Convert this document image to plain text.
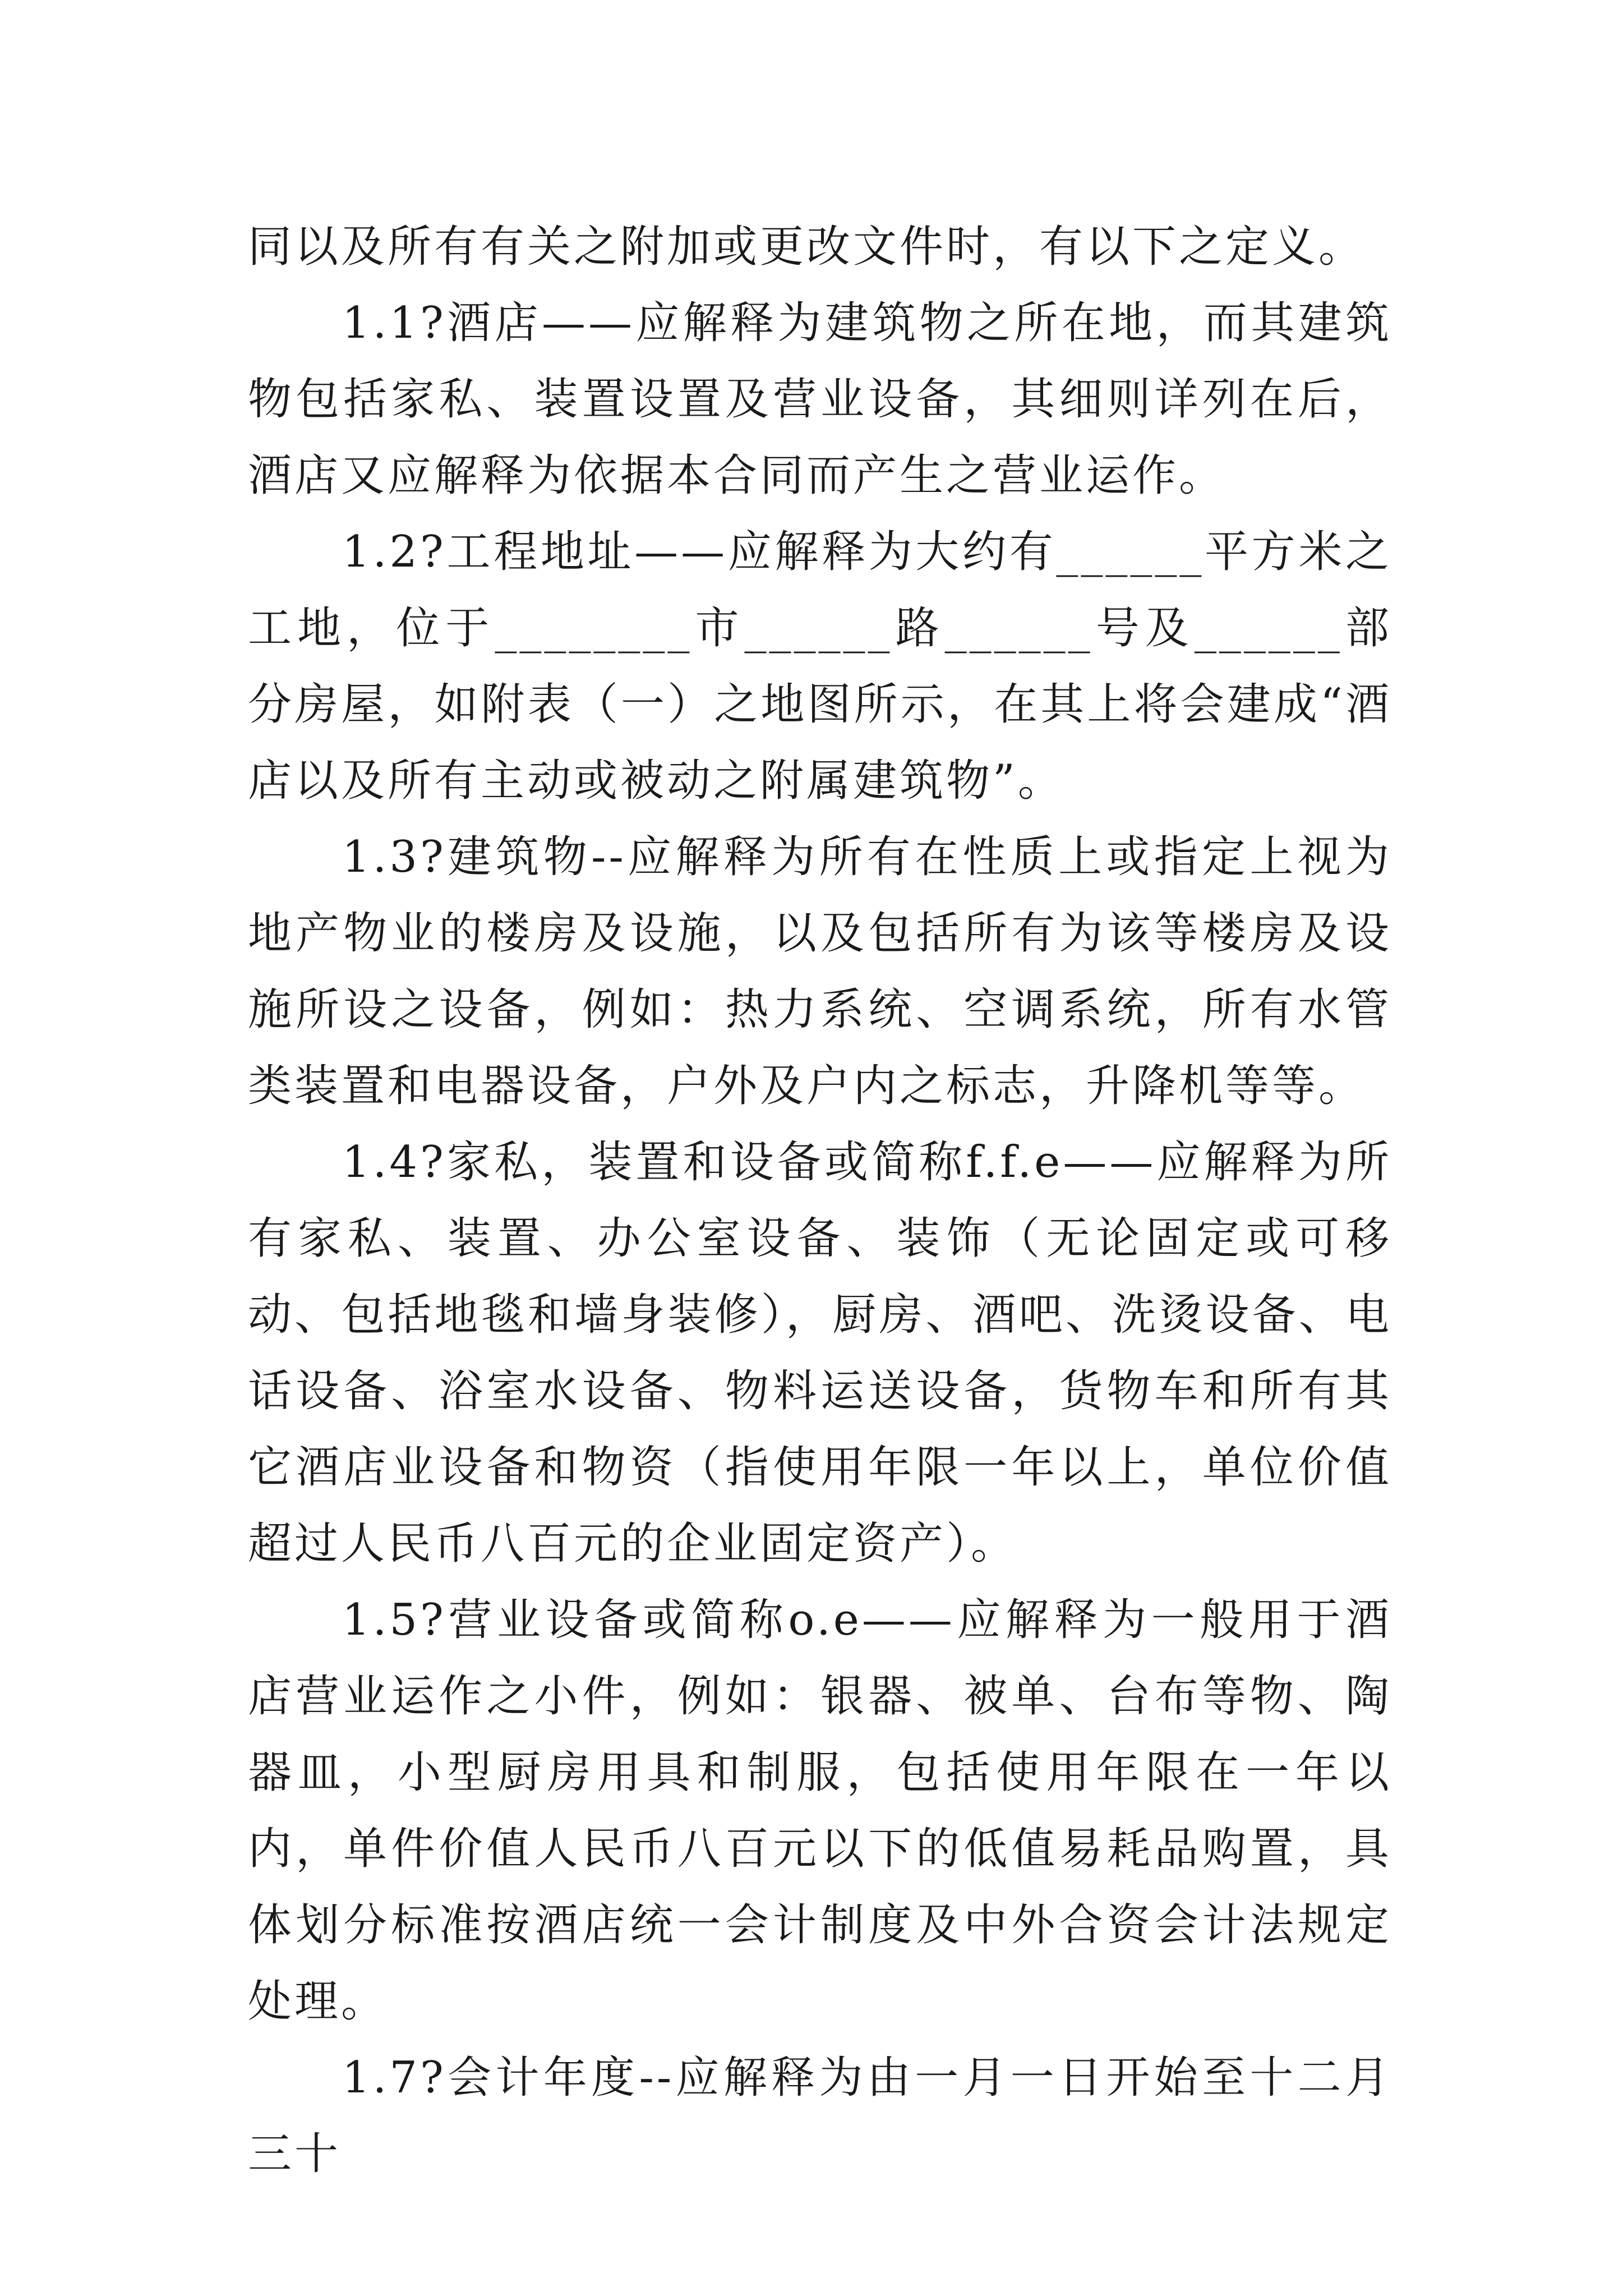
同以及所有有关之附加或更改文件时，有以下之定义。

1.1?酒店——应解释为建筑物之所在地，而其建筑物包括家私、装置设置及营业设备，其细则详列在后，酒店又应解释为依据本合同而产生之营业运作。

1.2?工程地址——应解释为大约有______平方米之工地，位于________市______路______号及______部分房屋，如附表（一）之地图所示，在其上将会建成“酒店以及所有主动或被动之附属建筑物”。

1.3?建筑物--应解释为所有在性质上或指定上视为地产物业的楼房及设施，以及包括所有为该等楼房及设施所设之设备，例如：热力系统、空调系统，所有水管类装置和电器设备，户外及户内之标志，升降机等等。

1.4?家私，装置和设备或简称f.f.e——应解释为所有家私、装置、办公室设备、装饰（无论固定或可移动、包括地毯和墙身装修），厨房、酒吧、洗烫设备、电话设备、浴室水设备、物料运送设备，货物车和所有其它酒店业设备和物资（指使用年限一年以上，单位价值超过人民币八百元的企业固定资产）。

1.5?营业设备或简称o.e——应解释为一般用于酒店营业运作之小件，例如：银器、被单、台布等物、陶器皿，小型厨房用具和制服，包括使用年限在一年以内，单件价值人民币八百元以下的低值易耗品购置，具体划分标准按酒店统一会计制度及中外合资会计法规定处理。

1.7?会计年度--应解释为由一月一日开始至十二月三十
